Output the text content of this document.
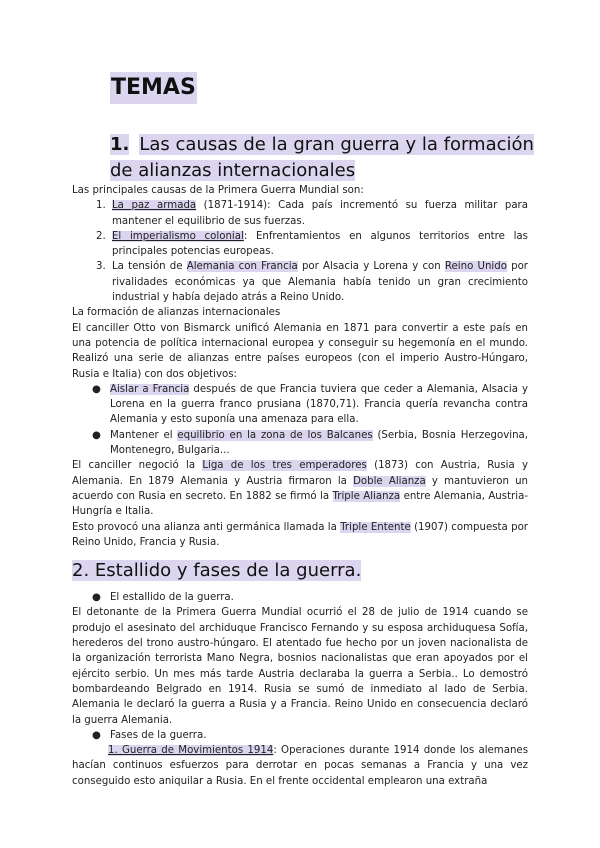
TEMAS
1. Las causas de la gran guerra y la formación de alianzas internacionales

Las principales causas de la Primera Guerra Mundial son:

1. La paz armada (1871-1914): Cada país incrementó su fuerza militar para mantener el equilibrio de sus fuerzas.
2. El imperialismo colonial: Enfrentamientos en algunos territorios entre las principales potencias europeas.
3. La tensión de Alemania con Francia por Alsacia y Lorena y con Reino Unido por rivalidades económicas ya que Alemania había tenido un gran crecimiento industrial y había dejado atrás a Reino Unido.

La formación de alianzas internacionales

El canciller Otto von Bismarck unificó Alemania en 1871 para convertir a este país en una potencia de política internacional europea y conseguir su hegemonía en el mundo. Realizó una serie de alianzas entre países europeos (con el imperio Austro-Húngaro, Rusia e Italia) con dos objetivos:

● Aislar a Francia después de que Francia tuviera que ceder a Alemania, Alsacia y Lorena en la guerra franco prusiana (1870,71). Francia quería revancha contra Alemania y esto suponía una amenaza para ella.
● Mantener el equilibrio en la zona de los Balcanes (Serbia, Bosnia Herzegovina, Montenegro, Bulgaria...

El canciller negoció la Liga de los tres emperadores (1873) con Austria, Rusia y Alemania. En 1879 Alemania y Austria firmaron la Doble Alianza y mantuvieron un acuerdo con Rusia en secreto. En 1882 se firmó la Triple Alianza entre Alemania, Austria-Hungría e Italia.

Esto provocó una alianza anti germánica llamada la Triple Entente (1907) compuesta por Reino Unido, Francia y Rusia.

2. Estallido y fases de la guerra.
● El estallido de la guerra.

El detonante de la Primera Guerra Mundial ocurrió el 28 de julio de 1914 cuando se produjo el asesinato del archiduque Francisco Fernando y su esposa archiduquesa Sofía, herederos del trono austro-húngaro. El atentado fue hecho por un joven nacionalista de la organización terrorista Mano Negra, bosnios nacionalistas que eran apoyados por el ejército serbio. Un mes más tarde Austria declaraba la guerra a Serbia.. Lo demostró bombardeando Belgrado en 1914. Rusia se sumó de inmediato al lado de Serbia. Alemania le declaró la guerra a Rusia y a Francia. Reino Unido en consecuencia declaró la guerra Alemania.

● Fases de la guerra.

1. Guerra de Movimientos 1914: Operaciones durante 1914 donde los alemanes hacían continuos esfuerzos para derrotar en pocas semanas a Francia y una vez conseguido esto aniquilar a Rusia. En el frente occidental emplearon una extraña
